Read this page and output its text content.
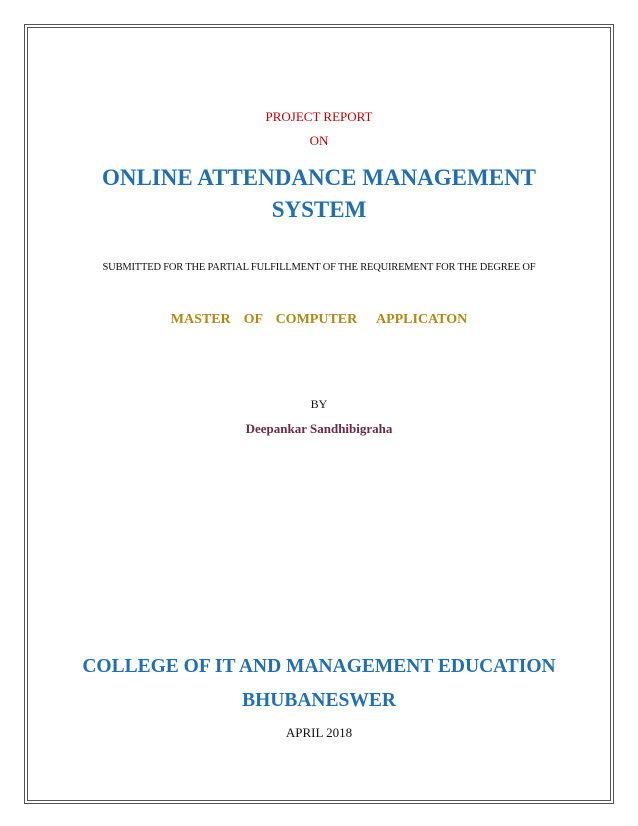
PROJECT REPORT
ON
ONLINE ATTENDANCE MANAGEMENT
SYSTEM
SUBMITTED FOR THE PARTIAL FULFILLMENT OF THE REQUIREMENT FOR THE DEGREE OF
MASTER  OF  COMPUTER   APPLICATON
BY
Deepankar Sandhibigraha
COLLEGE OF IT AND MANAGEMENT EDUCATION
BHUBANESWER
APRIL 2018
